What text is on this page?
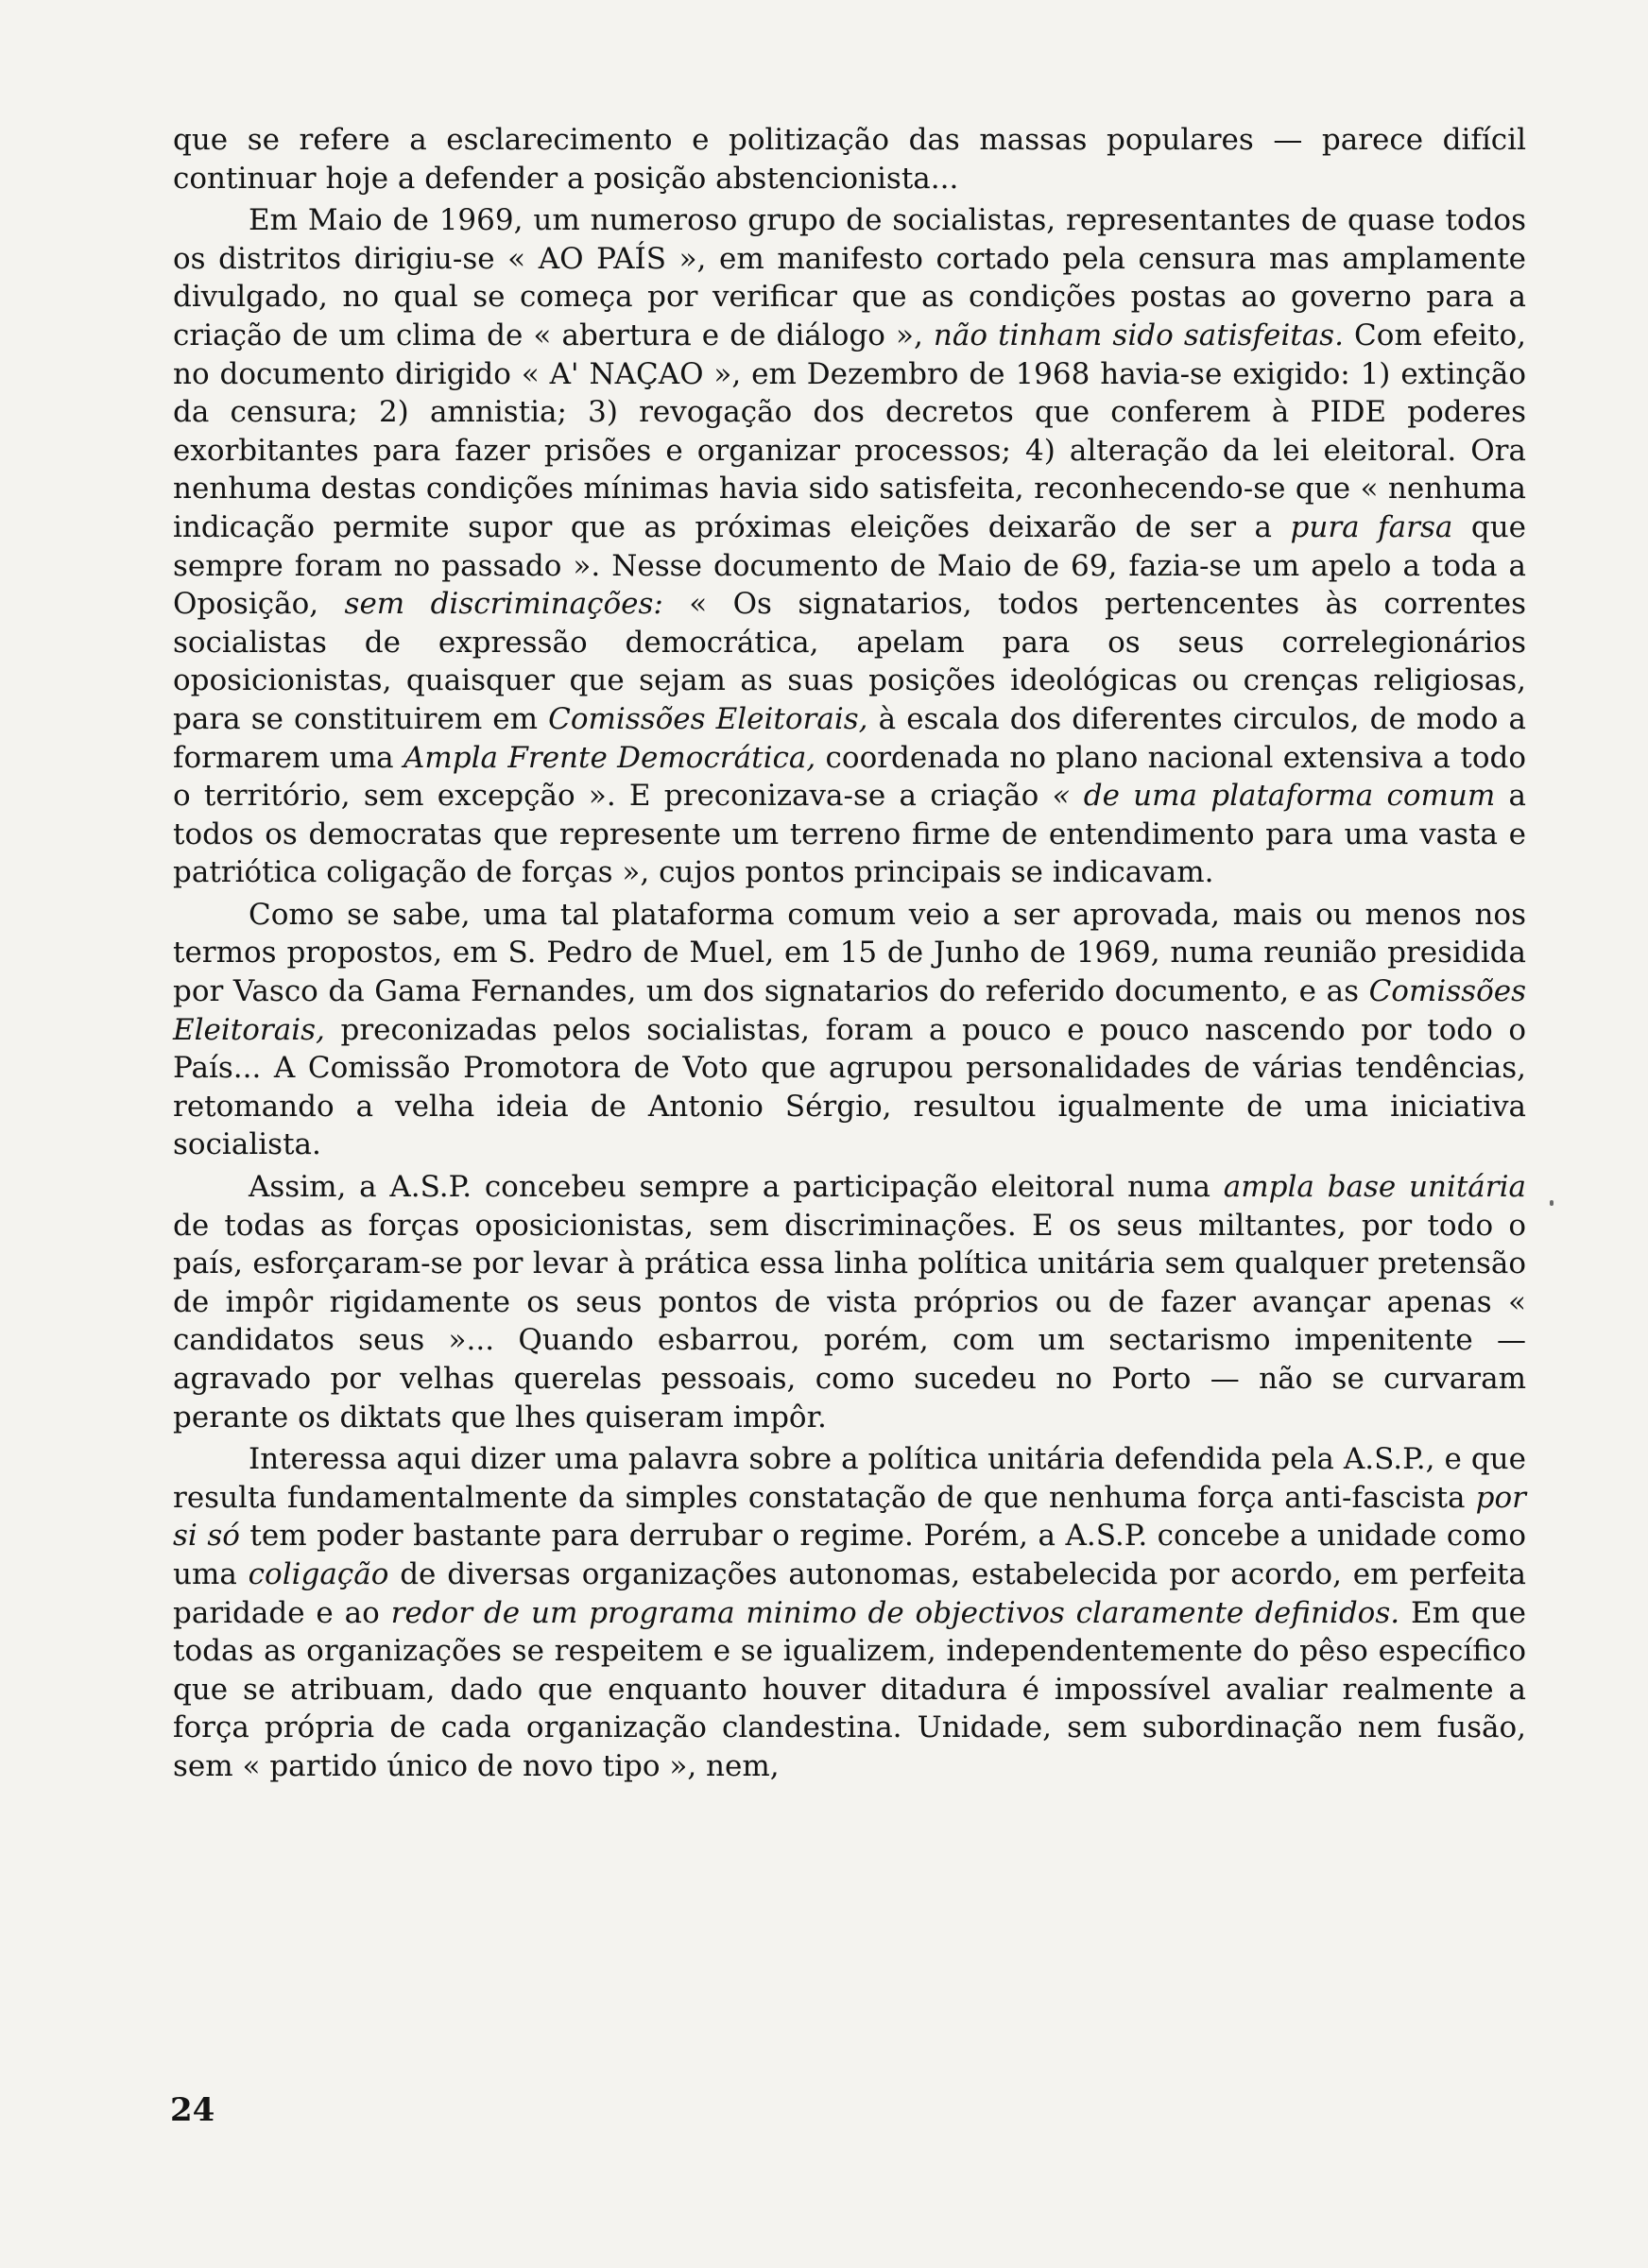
que se refere a esclarecimento e politização das massas populares — parece difícil continuar hoje a defender a posição abstencionista...

Em Maio de 1969, um numeroso grupo de socialistas, representantes de quase todos os distritos dirigiu-se « AO PAÍS », em manifesto cortado pela censura mas amplamente divulgado, no qual se começa por verificar que as condições postas ao governo para a criação de um clima de « abertura e de diálogo », não tinham sido satisfeitas. Com efeito, no documento dirigido « A' NAÇAO », em Dezembro de 1968 havia-se exigido: 1) extinção da censura; 2) amnistia; 3) revogação dos decretos que conferem à PIDE poderes exorbitantes para fazer prisões e organizar processos; 4) alteração da lei eleitoral. Ora nenhuma destas condições mínimas havia sido satisfeita, reconhecendo-se que « nenhuma indicação permite supor que as próximas eleições deixarão de ser a pura farsa que sempre foram no passado ». Nesse documento de Maio de 69, fazia-se um apelo a toda a Oposição, sem discriminações: « Os signatarios, todos pertencentes às correntes socialistas de expressão democrática, apelam para os seus correlegionários oposicionistas, quaisquer que sejam as suas posições ideológicas ou crenças religiosas, para se constituirem em Comissões Eleitorais, à escala dos diferentes circulos, de modo a formarem uma Ampla Frente Democrática, coordenada no plano nacional extensiva a todo o território, sem excepção ». E preconizava-se a criação « de uma plataforma comum a todos os democratas que represente um terreno firme de entendimento para uma vasta e patriótica coligação de forças », cujos pontos principais se indicavam.

Como se sabe, uma tal plataforma comum veio a ser aprovada, mais ou menos nos termos propostos, em S. Pedro de Muel, em 15 de Junho de 1969, numa reunião presidida por Vasco da Gama Fernandes, um dos signatarios do referido documento, e as Comissões Eleitorais, preconizadas pelos socialistas, foram a pouco e pouco nascendo por todo o País... A Comissão Promotora de Voto que agrupou personalidades de várias tendências, retomando a velha ideia de Antonio Sérgio, resultou igualmente de uma iniciativa socialista.

Assim, a A.S.P. concebeu sempre a participação eleitoral numa ampla base unitária de todas as forças oposicionistas, sem discriminações. E os seus miltantes, por todo o país, esforçaram-se por levar à prática essa linha política unitária sem qualquer pretensão de impôr rigidamente os seus pontos de vista próprios ou de fazer avançar apenas « candidatos seus »... Quando esbarrou, porém, com um sectarismo impenitente — agravado por velhas querelas pessoais, como sucedeu no Porto — não se curvaram perante os diktats que lhes quiseram impôr.

Interessa aqui dizer uma palavra sobre a política unitária defendida pela A.S.P., e que resulta fundamentalmente da simples constatação de que nenhuma força anti-fascista por si só tem poder bastante para derrubar o regime. Porém, a A.S.P. concebe a unidade como uma coligação de diversas organizações autonomas, estabelecida por acordo, em perfeita paridade e ao redor de um programa minimo de objectivos claramente definidos. Em que todas as organizações se respeitem e se igualizem, independentemente do pêso específico que se atribuam, dado que enquanto houver ditadura é impossível avaliar realmente a força própria de cada organização clandestina. Unidade, sem subordinação nem fusão, sem « partido único de novo tipo », nem,

24
